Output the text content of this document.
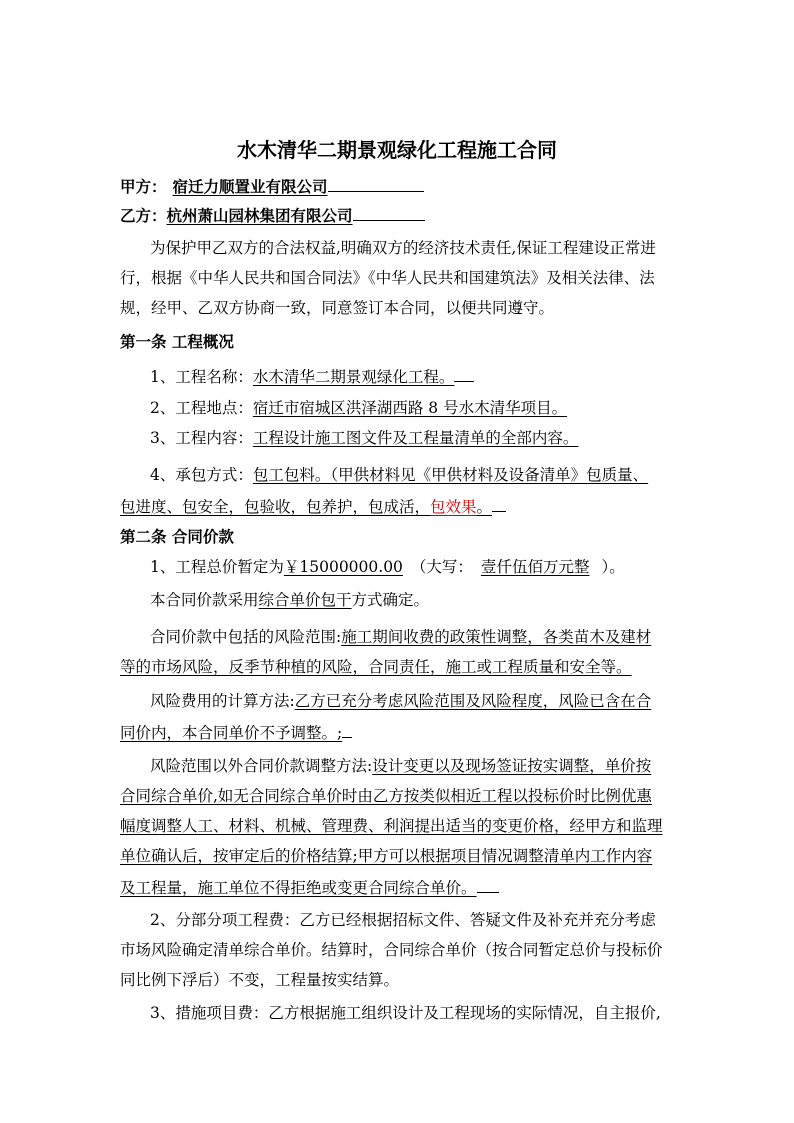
水木清华二期景观绿化工程施工合同
甲方： 宿迁力顺置业有限公司
乙方：杭州萧山园林集团有限公司
为保护甲乙双方的合法权益,明确双方的经济技术责任,保证工程建设正常进
行，根据《中华人民共和国合同法》《中华人民共和国建筑法》及相关法律、法
规，经甲、乙双方协商一致，同意签订本合同，以便共同遵守。
第一条 工程概况
1、工程名称：水木清华二期景观绿化工程。
2、工程地点：宿迁市宿城区洪泽湖西路 8 号水木清华项目。
3、工程内容：工程设计施工图文件及工程量清单的全部内容。
4、承包方式：包工包料。（甲供材料见《甲供材料及设备清单》包质量、
包进度、包安全，包验收，包养护，包成活，包效果。
第二条 合同价款
1、工程总价暂定为￥15000000.00 （大写： 壹仟伍佰万元整 ）。
本合同价款采用综合单价包干方式确定。
合同价款中包括的风险范围:施工期间收费的政策性调整，各类苗木及建材
等的市场风险，反季节种植的风险，合同责任，施工或工程质量和安全等。
风险费用的计算方法:乙方已充分考虑风险范围及风险程度，风险已含在合
同价内，本合同单价不予调整。;
风险范围以外合同价款调整方法:设计变更以及现场签证按实调整，单价按
合同综合单价,如无合同综合单价时由乙方按类似相近工程以投标价时比例优惠
幅度调整人工、材料、机械、管理费、利润提出适当的变更价格，经甲方和监理
单位确认后，按审定后的价格结算;甲方可以根据项目情况调整清单内工作内容
及工程量，施工单位不得拒绝或变更合同综合单价。
2、分部分项工程费：乙方已经根据招标文件、答疑文件及补充并充分考虑
市场风险确定清单综合单价。结算时，合同综合单价（按合同暂定总价与投标价
同比例下浮后）不变，工程量按实结算。
3、措施项目费：乙方根据施工组织设计及工程现场的实际情况，自主报价,
